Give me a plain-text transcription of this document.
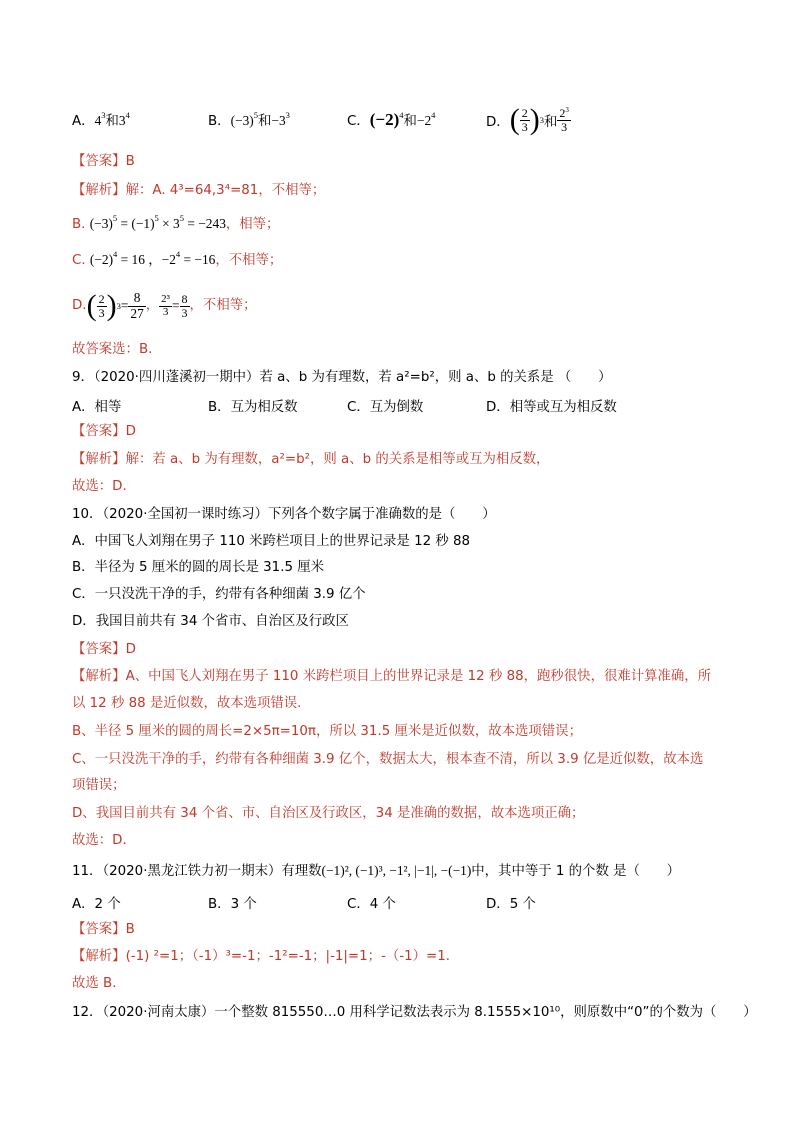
A．$4^3$和$3^4$	B．$(-3)^5$和$-3^3$	C．$(-2)^4$和$-2^4$	D． ( $\frac{2}{3}$ ) 3 和 $\frac{2^3}{3}$
【答案】B
【解析】解：A. 4³=64,3⁴=81，不相等；
B. $(-3)^5 = (-1)^5 \times 3^5 = -243$，相等；
C. $(-2)^4 = 16$ ，$-2^4 = -16$，不相等；
D. ( $\frac{2}{3}$ ) $3 = \frac{8}{27}$ ， $\frac{\text{2³}}{3} = \frac{8}{3}$ ，不相等；
故答案选：B.
9．（2020·四川蓬溪初一期中）若 a、b 为有理数，若 a²=b²，则 a、b 的关系是 （　　）
A．相等	B．互为相反数	C．互为倒数	D．相等或互为相反数
【答案】D
【解析】解：若 a、b 为有理数，a²=b²，则 a、b 的关系是相等或互为相反数，
故选：D.
10．（2020·全国初一课时练习）下列各个数字属于准确数的是（　　）
A．中国飞人刘翔在男子 110 米跨栏项目上的世界记录是 12 秒 88
B．半径为 5 厘米的圆的周长是 31.5 厘米
C．一只没洗干净的手，约带有各种细菌 3.9 亿个
D．我国目前共有 34 个省市、自治区及行政区
【答案】D
【解析】A、中国飞人刘翔在男子 110 米跨栏项目上的世界记录是 12 秒 88，跑秒很快，很难计算准确，所
以 12 秒 88 是近似数，故本选项错误．
B、半径 5 厘米的圆的周长=2×5π=10π，所以 31.5 厘米是近似数，故本选项错误；
C、一只没洗干净的手，约带有各种细菌 3.9 亿个，数据太大，根本查不清，所以 3.9 亿是近似数，故本选
项错误；
D、我国目前共有 34 个省、市、自治区及行政区，34 是准确的数据，故本选项正确；
故选：D．
11．（2020·黑龙江铁力初一期末）有理数(−1)², (−1)³, −1², |−1|, −(−1)中，其中等于 1 的个数 是（　　）
A．2 个	B．3 个	C．4 个	D．5 个
【答案】B
【解析】(-1) ²=1；（-1）³=-1；-1²=-1；|-1|=1；-（-1）=1．
故选 B．
12．（2020·河南太康）一个整数 815550…0 用科学记数法表示为 8.1555×10¹⁰，则原数中“0”的个数为（　　）
